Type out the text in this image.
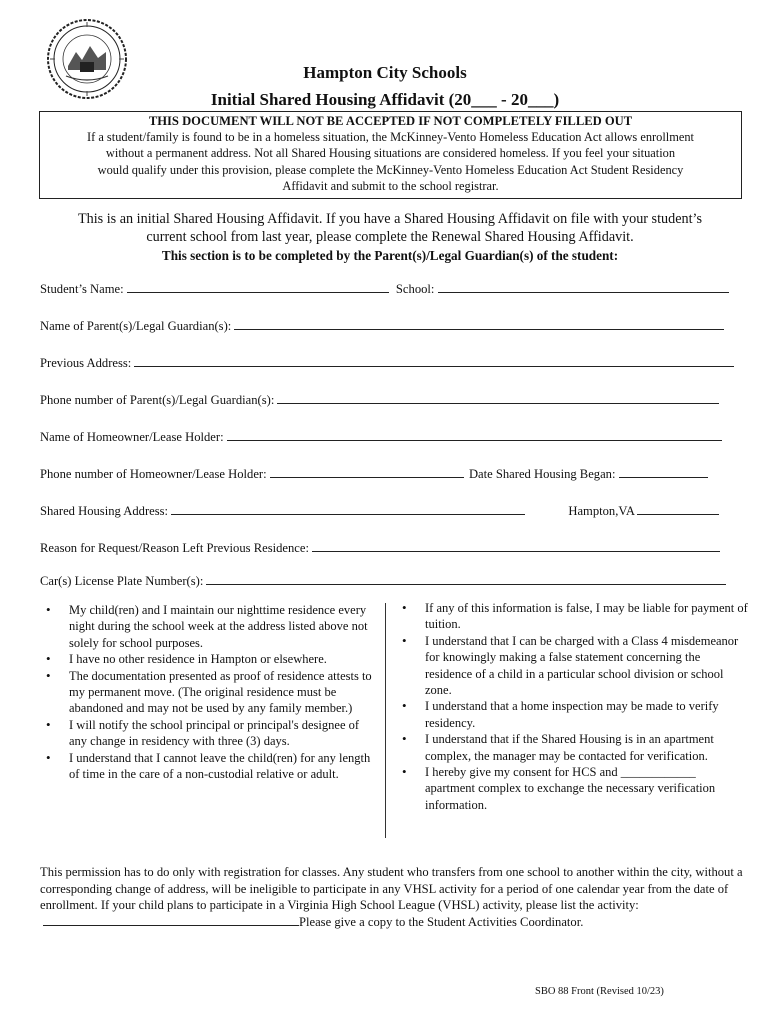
Hampton City Schools
Initial Shared Housing Affidavit (20___ - 20___)
THIS DOCUMENT WILL NOT BE ACCEPTED IF NOT COMPLETELY FILLED OUT
If a student/family is found to be in a homeless situation, the McKinney-Vento Homeless Education Act allows enrollment
without a permanent address. Not all Shared Housing situations are considered homeless. If you feel your situation
would qualify under this provision, please complete the McKinney-Vento Homeless Education Act Student Residency
Affidavit and submit to the school registrar.
This is an initial Shared Housing Affidavit. If you have a Shared Housing Affidavit on file with your student’s
current school from last year, please complete the Renewal Shared Housing Affidavit.
This section is to be completed by the Parent(s)/Legal Guardian(s) of the student:
Student’s Name:	School:
Name of Parent(s)/Legal Guardian(s):
Previous Address:
Phone number of Parent(s)/Legal Guardian(s):
Name of Homeowner/Lease Holder:
Phone number of Homeowner/Lease Holder:	Date Shared Housing Began:
Shared Housing Address:	Hampton,VA
Reason for Request/Reason Left Previous Residence:
Car(s) License Plate Number(s):
• My child(ren) and I maintain our nighttime residence every night during the school week at the address listed above not solely for school purposes.
• I have no other residence in Hampton or elsewhere.
• The documentation presented as proof of residence attests to my permanent move. (The original residence must be abandoned and may not be used by any family member.)
• I will notify the school principal or principal's designee of any change in residency with three (3) days.
• I understand that I cannot leave the child(ren) for any length of time in the care of a non-custodial relative or adult.
• If any of this information is false, I may be liable for payment of tuition.
• I understand that I can be charged with a Class 4 misdemeanor for knowingly making a false statement concerning the residence of a child in a particular school division or school zone.
• I understand that a home inspection may be made to verify residency.
• I understand that if the Shared Housing is in an apartment complex, the manager may be contacted for verification.
• I hereby give my consent for HCS and ____________ apartment complex to exchange the necessary verification information.
This permission has to do only with registration for classes. Any student who transfers from one school to another within the city, without a corresponding change of address, will be ineligible to participate in any VHSL activity for a period of one calendar year from the date of enrollment. If your child plans to participate in a Virginia High School League (VHSL) activity, please list the activity: Please give a copy to the Student Activities Coordinator.
SBO 88 Front (Revised 10/23)
